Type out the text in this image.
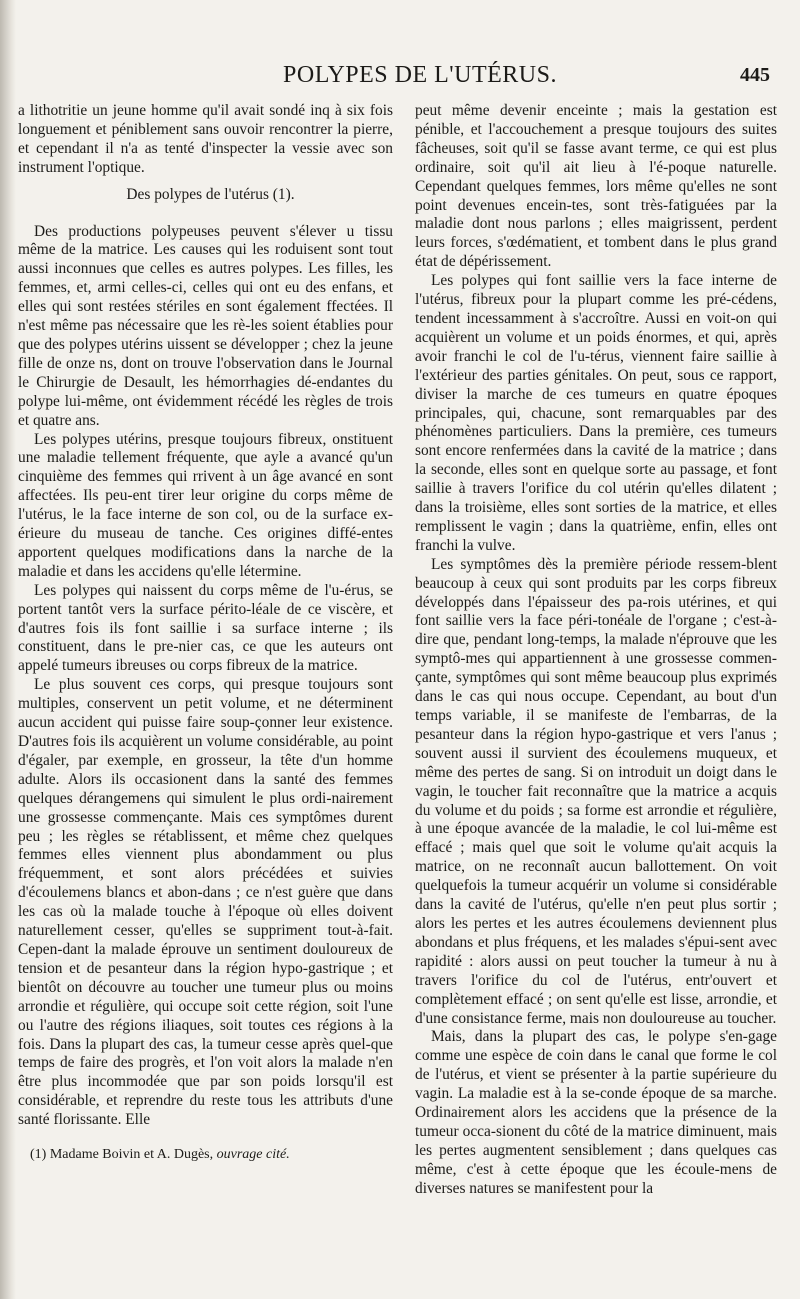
POLYPES DE L'UTÉRUS.	445

a lithotritie un jeune homme qu'il avait sondé inq à six fois longuement et péniblement sans ouvoir rencontrer la pierre, et cependant il n'a as tenté d'inspecter la vessie avec son instrument l'optique.

Des polypes de l'utérus (1).

Des productions polypeuses peuvent s'élever u tissu même de la matrice. Les causes qui les roduisent sont tout aussi inconnues que celles es autres polypes. Les filles, les femmes, et, armi celles-ci, celles qui ont eu des enfans, et elles qui sont restées stériles en sont également ffectées. Il n'est même pas nécessaire que les rè-les soient établies pour que des polypes utérins uissent se développer ; chez la jeune fille de onze ns, dont on trouve l'observation dans le Journal le Chirurgie de Desault, les hémorrhagies dé-endantes du polype lui-même, ont évidemment récédé les règles de trois et quatre ans.

Les polypes utérins, presque toujours fibreux, onstituent une maladie tellement fréquente, que ayle a avancé qu'un cinquième des femmes qui rrivent à un âge avancé en sont affectées. Ils peu-ent tirer leur origine du corps même de l'utérus, le la face interne de son col, ou de la surface ex-érieure du museau de tanche. Ces origines diffé-entes apportent quelques modifications dans la narche de la maladie et dans les accidens qu'elle létermine.

Les polypes qui naissent du corps même de l'u-érus, se portent tantôt vers la surface périto-léale de ce viscère, et d'autres fois ils font saillie i sa surface interne ; ils constituent, dans le pre-nier cas, ce que les auteurs ont appelé tumeurs ibreuses ou corps fibreux de la matrice.

Le plus souvent ces corps, qui presque toujours sont multiples, conservent un petit volume, et ne déterminent aucun accident qui puisse faire soup-çonner leur existence. D'autres fois ils acquièrent un volume considérable, au point d'égaler, par exemple, en grosseur, la tête d'un homme adulte. Alors ils occasionent dans la santé des femmes quelques dérangemens qui simulent le plus ordi-nairement une grossesse commençante. Mais ces symptômes durent peu ; les règles se rétablissent, et même chez quelques femmes elles viennent plus abondamment ou plus fréquemment, et sont alors précédées et suivies d'écoulemens blancs et abon-dans ; ce n'est guère que dans les cas où la malade touche à l'époque où elles doivent naturellement cesser, qu'elles se suppriment tout-à-fait. Cepen-dant la malade éprouve un sentiment douloureux de tension et de pesanteur dans la région hypo-gastrique ; et bientôt on découvre au toucher une tumeur plus ou moins arrondie et régulière, qui occupe soit cette région, soit l'une ou l'autre des régions iliaques, soit toutes ces régions à la fois. Dans la plupart des cas, la tumeur cesse après quel-que temps de faire des progrès, et l'on voit alors la malade n'en être plus incommodée que par son poids lorsqu'il est considérable, et reprendre du reste tous les attributs d'une santé florissante. Elle

(1) Madame Boivin et A. Dugès, ouvrage cité.

peut même devenir enceinte ; mais la gestation est pénible, et l'accouchement a presque toujours des suites fâcheuses, soit qu'il se fasse avant terme, ce qui est plus ordinaire, soit qu'il ait lieu à l'é-poque naturelle. Cependant quelques femmes, lors même qu'elles ne sont point devenues encein-tes, sont très-fatiguées par la maladie dont nous parlons ; elles maigrissent, perdent leurs forces, s'œdématient, et tombent dans le plus grand état de dépérissement.

Les polypes qui font saillie vers la face interne de l'utérus, fibreux pour la plupart comme les pré-cédens, tendent incessamment à s'accroître. Aussi en voit-on qui acquièrent un volume et un poids énormes, et qui, après avoir franchi le col de l'u-térus, viennent faire saillie à l'extérieur des parties génitales. On peut, sous ce rapport, diviser la marche de ces tumeurs en quatre époques principales, qui, chacune, sont remarquables par des phénomènes particuliers. Dans la première, ces tumeurs sont encore renfermées dans la cavité de la matrice ; dans la seconde, elles sont en quelque sorte au passage, et font saillie à travers l'orifice du col utérin qu'elles dilatent ; dans la troisième, elles sont sorties de la matrice, et elles remplissent le vagin ; dans la quatrième, enfin, elles ont franchi la vulve.

Les symptômes dès la première période ressem-blent beaucoup à ceux qui sont produits par les corps fibreux développés dans l'épaisseur des pa-rois utérines, et qui font saillie vers la face péri-tonéale de l'organe ; c'est-à-dire que, pendant long-temps, la malade n'éprouve que les symptô-mes qui appartiennent à une grossesse commen-çante, symptômes qui sont même beaucoup plus exprimés dans le cas qui nous occupe. Cependant, au bout d'un temps variable, il se manifeste de l'embarras, de la pesanteur dans la région hypo-gastrique et vers l'anus ; souvent aussi il survient des écoulemens muqueux, et même des pertes de sang. Si on introduit un doigt dans le vagin, le toucher fait reconnaître que la matrice a acquis du volume et du poids ; sa forme est arrondie et régulière, à une époque avancée de la maladie, le col lui-même est effacé ; mais quel que soit le volume qu'ait acquis la matrice, on ne reconnaît aucun ballottement. On voit quelquefois la tumeur acquérir un volume si considérable dans la cavité de l'utérus, qu'elle n'en peut plus sortir ; alors les pertes et les autres écoulemens deviennent plus abondans et plus fréquens, et les malades s'épui-sent avec rapidité : alors aussi on peut toucher la tumeur à nu à travers l'orifice du col de l'utérus, entr'ouvert et complètement effacé ; on sent qu'elle est lisse, arrondie, et d'une consistance ferme, mais non douloureuse au toucher.

Mais, dans la plupart des cas, le polype s'en-gage comme une espèce de coin dans le canal que forme le col de l'utérus, et vient se présenter à la partie supérieure du vagin. La maladie est à la se-conde époque de sa marche. Ordinairement alors les accidens que la présence de la tumeur occa-sionent du côté de la matrice diminuent, mais les pertes augmentent sensiblement ; dans quelques cas même, c'est à cette époque que les écoule-mens de diverses natures se manifestent pour la
